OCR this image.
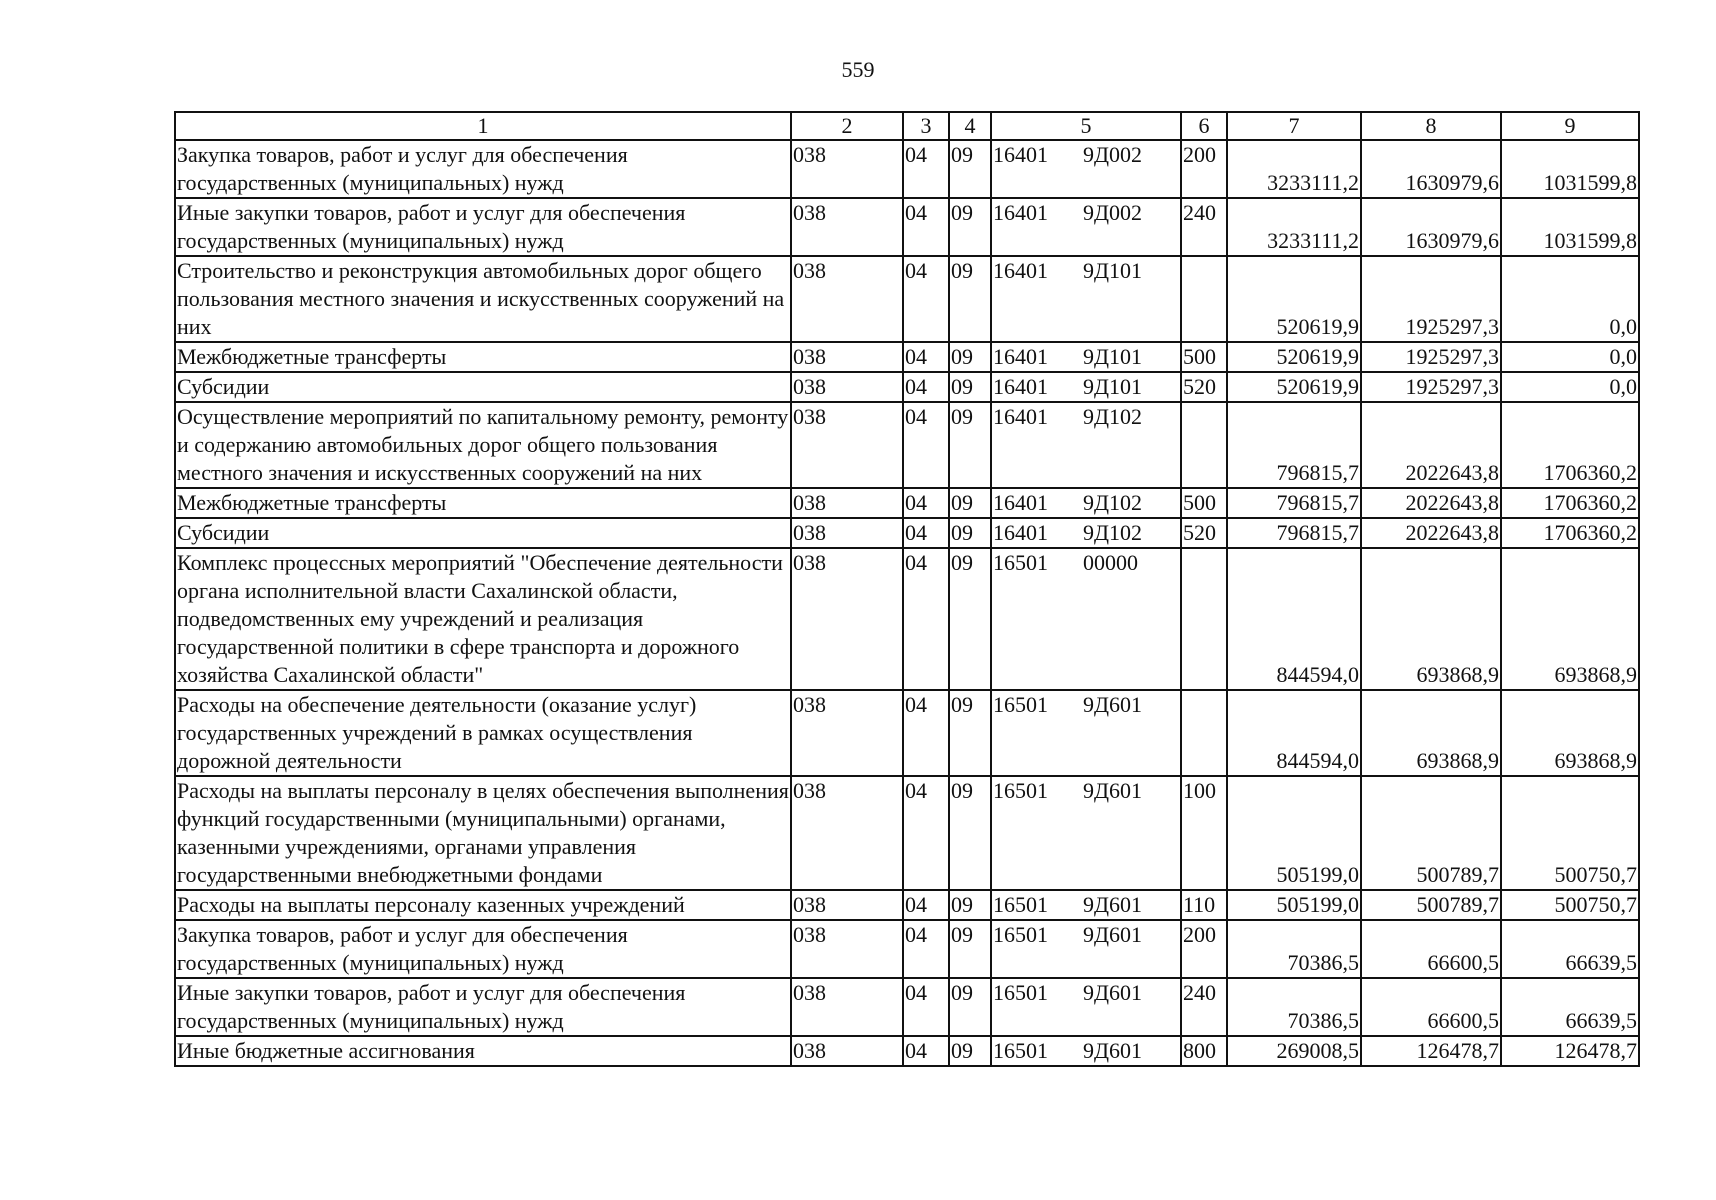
559
1	2	3	4	5	6	7	8	9
Закупка товаров, работ и услуг для обеспечения государственных (муниципальных) нужд	038	04	09	16401 9Д002	200	3233111,2	1630979,6	1031599,8
Иные закупки товаров, работ и услуг для обеспечения государственных (муниципальных) нужд	038	04	09	16401 9Д002	240	3233111,2	1630979,6	1031599,8
Строительство и реконструкция автомобильных дорог общего пользования местного значения и искусственных сооружений на них	038	04	09	16401 9Д101		520619,9	1925297,3	0,0
Межбюджетные трансферты	038	04	09	16401 9Д101	500	520619,9	1925297,3	0,0
Субсидии	038	04	09	16401 9Д101	520	520619,9	1925297,3	0,0
Осуществление мероприятий по капитальному ремонту, ремонту и содержанию автомобильных дорог общего пользования местного значения и искусственных сооружений на них	038	04	09	16401 9Д102		796815,7	2022643,8	1706360,2
Межбюджетные трансферты	038	04	09	16401 9Д102	500	796815,7	2022643,8	1706360,2
Субсидии	038	04	09	16401 9Д102	520	796815,7	2022643,8	1706360,2
Комплекс процессных мероприятий "Обеспечение деятельности органа исполнительной власти Сахалинской области, подведомственных ему учреждений и реализация государственной политики в сфере транспорта и дорожного хозяйства Сахалинской области"	038	04	09	16501 00000		844594,0	693868,9	693868,9
Расходы на обеспечение деятельности (оказание услуг) государственных учреждений в рамках осуществления дорожной деятельности	038	04	09	16501 9Д601		844594,0	693868,9	693868,9
Расходы на выплаты персоналу в целях обеспечения выполнения функций государственными (муниципальными) органами, казенными учреждениями, органами управления государственными внебюджетными фондами	038	04	09	16501 9Д601	100	505199,0	500789,7	500750,7
Расходы на выплаты персоналу казенных учреждений	038	04	09	16501 9Д601	110	505199,0	500789,7	500750,7
Закупка товаров, работ и услуг для обеспечения государственных (муниципальных) нужд	038	04	09	16501 9Д601	200	70386,5	66600,5	66639,5
Иные закупки товаров, работ и услуг для обеспечения государственных (муниципальных) нужд	038	04	09	16501 9Д601	240	70386,5	66600,5	66639,5
Иные бюджетные ассигнования	038	04	09	16501 9Д601	800	269008,5	126478,7	126478,7
